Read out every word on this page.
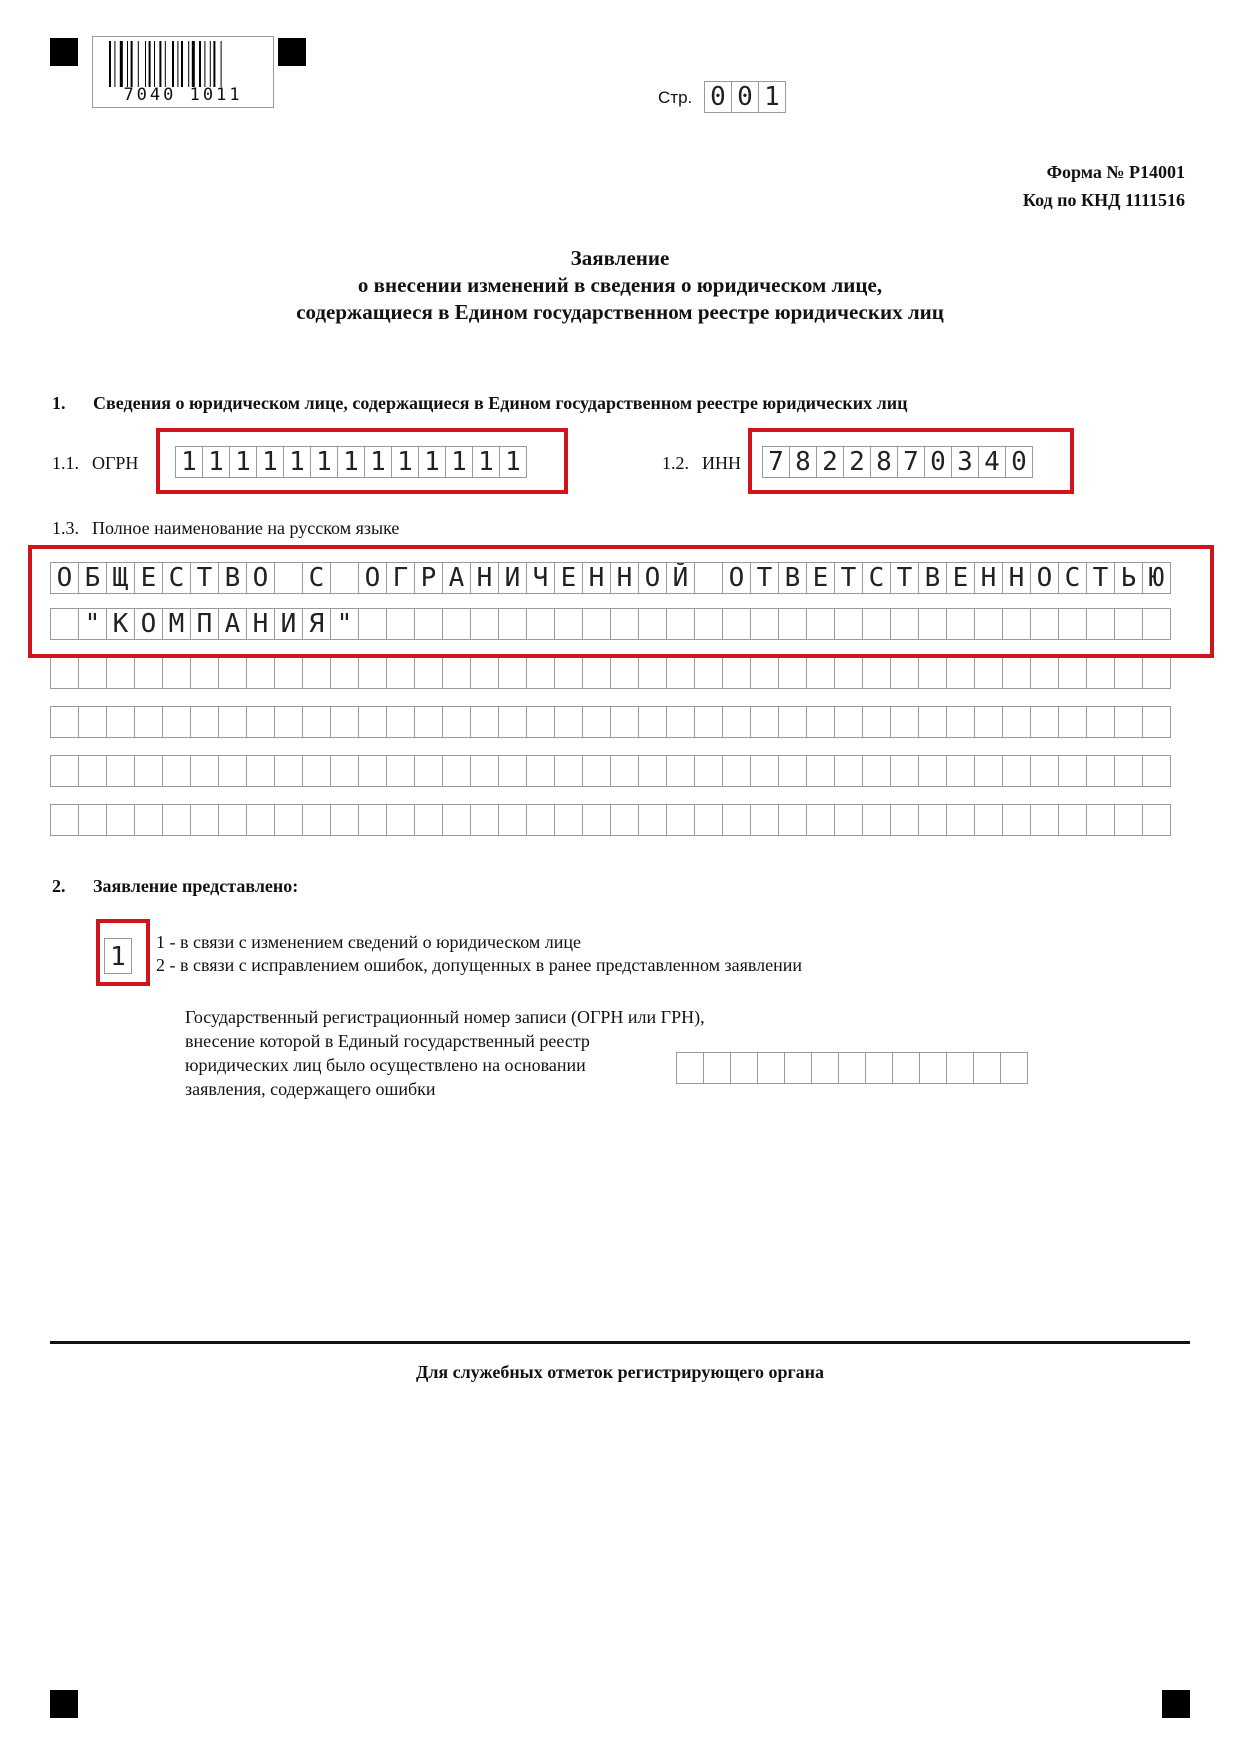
7040 1011	Стр. 0 0 1
Форма № Р14001
Код по КНД 1111516
Заявление
о внесении изменений в сведения о юридическом лице,
содержащиеся в Едином государственном реестре юридических лиц
1. Сведения о юридическом лице, содержащиеся в Едином государственном реестре юридических лиц
1.1. ОГРН 1 1 1 1 1 1 1 1 1 1 1 1 1	1.2. ИНН 7 8 2 2 8 7 0 3 4 0
1.3. Полное наименование на русском языке
О Б Щ Е С Т В О С О Г Р А Н И Ч Е Н Н О Й О Т В Е Т С Т В Е Н Н О С Т Ь Ю
" К О М П А Н И Я "
2. Заявление представлено:
1	1 - в связи с изменением сведений о юридическом лице
2 - в связи с исправлением ошибок, допущенных в ранее представленном заявлении
Государственный регистрационный номер записи (ОГРН или ГРН),
внесение которой в Единый государственный реестр
юридических лиц было осуществлено на основании
заявления, содержащего ошибки
Для служебных отметок регистрирующего органа
